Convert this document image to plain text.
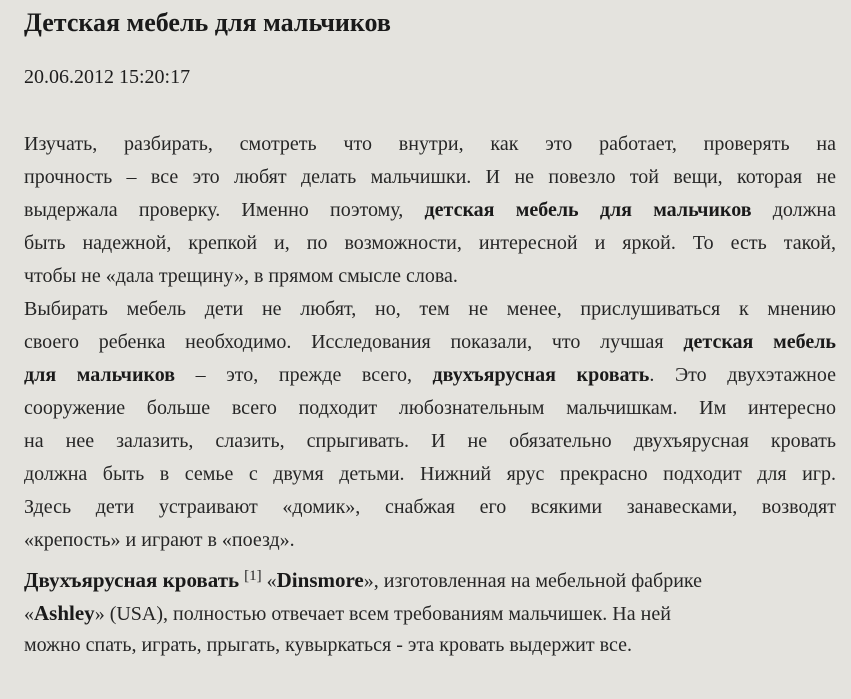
Детская мебель для мальчиков
20.06.2012 15:20:17
Изучать, разбирать, смотреть что внутри, как это работает, проверять на
прочность – все это любят делать мальчишки. И не повезло той вещи, которая не
выдержала проверку. Именно поэтому, детская мебель для мальчиков должна
быть надежной, крепкой и, по возможности, интересной и яркой. То есть такой,
чтобы не «дала трещину», в прямом смысле слова.
Выбирать мебель дети не любят, но, тем не менее, прислушиваться к мнению
своего ребенка необходимо. Исследования показали, что лучшая детская мебель
для мальчиков – это, прежде всего, двухъярусная кровать. Это двухэтажное
сооружение больше всего подходит любознательным мальчишкам. Им интересно
на нее залазить, слазить, спрыгивать. И не обязательно двухъярусная кровать
должна быть в семье с двумя детьми. Нижний ярус прекрасно подходит для игр.
Здесь дети устраивают «домик», снабжая его всякими занавесками, возводят
«крепость» и играют в «поезд».
Двухъярусная кровать [1] «Dinsmore», изготовленная на мебельной фабрике
«Ashley» (USA), полностью отвечает всем требованиям мальчишек. На ней
можно спать, играть, прыгать, кувыркаться - эта кровать выдержит все.
